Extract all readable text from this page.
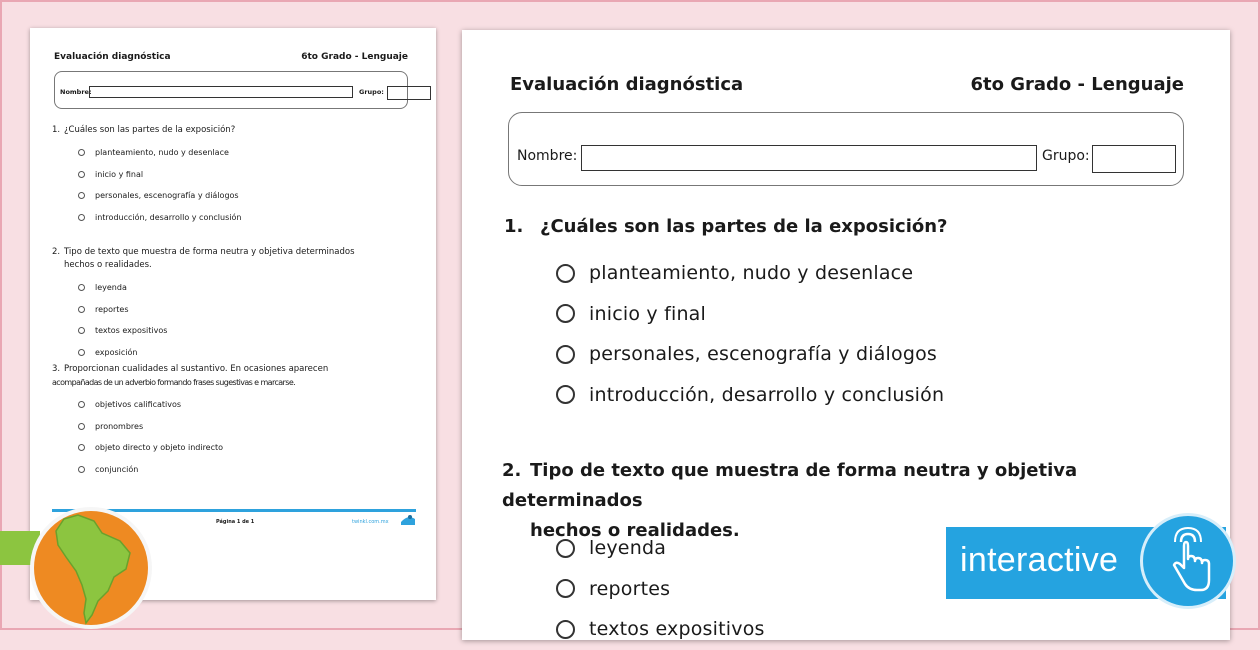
Evaluación diagnóstica	6to Grado - Lenguaje
Nombre:	Grupo:
1. ¿Cuáles son las partes de la exposición?
planteamiento, nudo y desenlace
inicio y final
personales, escenografía y diálogos
introducción, desarrollo y conclusión
2. Tipo de texto que muestra de forma neutra y objetiva determinados
hechos o realidades.
leyenda
reportes
textos expositivos
exposición
3. Proporcionan cualidades al sustantivo. En ocasiones aparecen
acompañadas de un adverbio formando frases sugestivas e marcarse.
objetivos calificativos
pronombres
objeto directo y objeto indirecto
conjunción
Página 1 de 1	twinkl.com.mx
Evaluación diagnóstica	6to Grado - Lenguaje
Nombre:	Grupo:
1. ¿Cuáles son las partes de la exposición?
planteamiento, nudo y desenlace
inicio y final
personales, escenografía y diálogos
introducción, desarrollo y conclusión
2. Tipo de texto que muestra de forma neutra y objetiva determinados
hechos o realidades.
leyenda
reportes
textos expositivos
interactive
